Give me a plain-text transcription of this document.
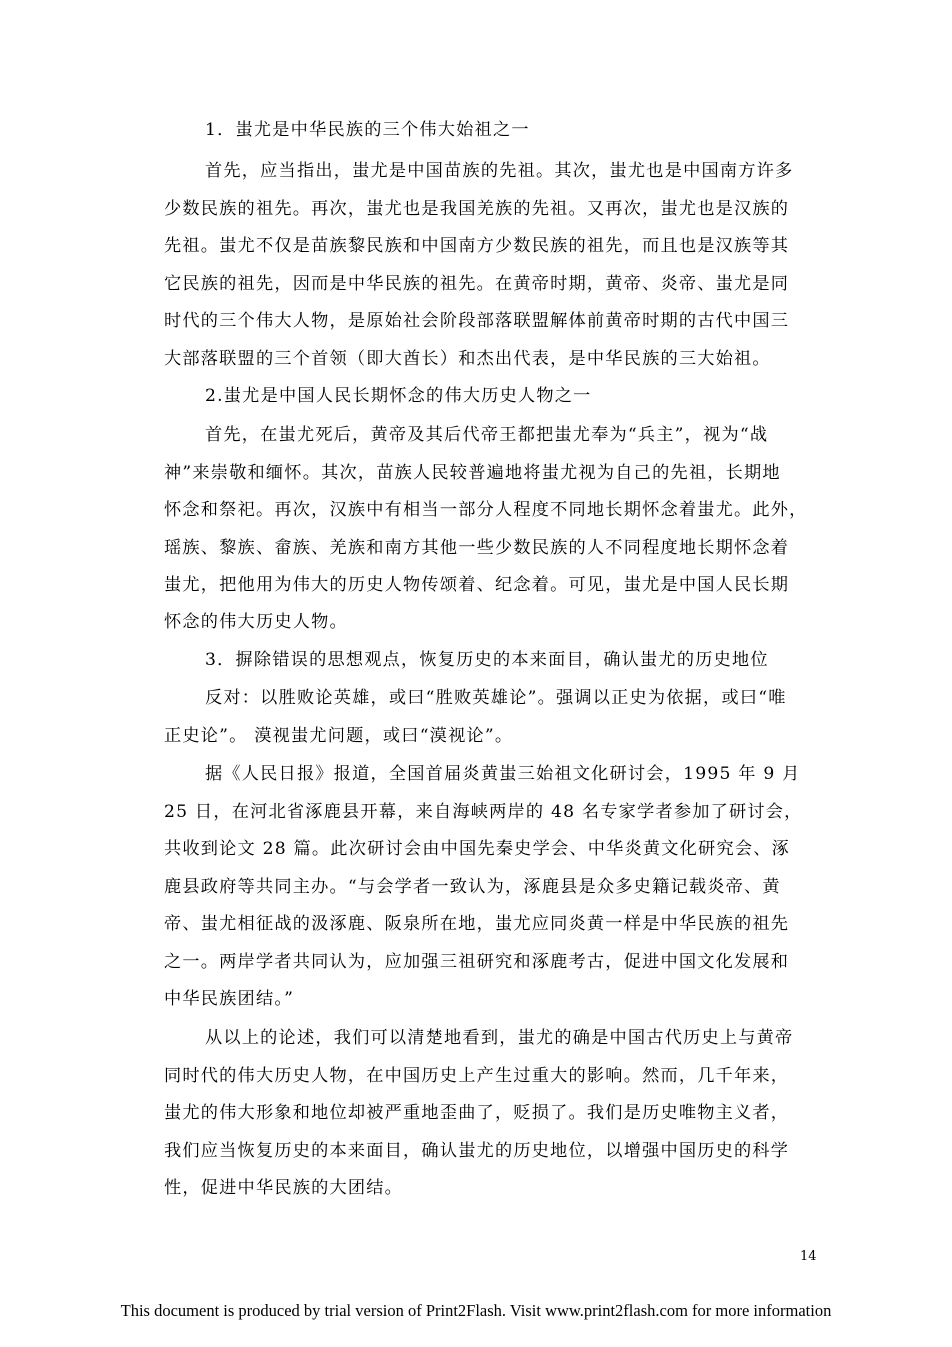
1．蚩尤是中华民族的三个伟大始祖之一
首先，应当指出，蚩尤是中国苗族的先祖。其次，蚩尤也是中国南方许多
少数民族的祖先。再次，蚩尤也是我国羌族的先祖。又再次，蚩尤也是汉族的
先祖。蚩尤不仅是苗族黎民族和中国南方少数民族的祖先，而且也是汉族等其
它民族的祖先，因而是中华民族的祖先。在黄帝时期，黄帝、炎帝、蚩尤是同
时代的三个伟大人物，是原始社会阶段部落联盟解体前黄帝时期的古代中国三
大部落联盟的三个首领（即大酋长）和杰出代表，是中华民族的三大始祖。
2.蚩尤是中国人民长期怀念的伟大历史人物之一
首先，在蚩尤死后，黄帝及其后代帝王都把蚩尤奉为“兵主”，视为“战
神”来崇敬和缅怀。其次，苗族人民较普遍地将蚩尤视为自己的先祖，长期地
怀念和祭祀。再次，汉族中有相当一部分人程度不同地长期怀念着蚩尤。此外，
瑶族、黎族、畲族、羌族和南方其他一些少数民族的人不同程度地长期怀念着
蚩尤，把他用为伟大的历史人物传颂着、纪念着。可见，蚩尤是中国人民长期
怀念的伟大历史人物。
3．摒除错误的思想观点，恢复历史的本来面目，确认蚩尤的历史地位
反对：以胜败论英雄，或曰“胜败英雄论”。强调以正史为依据，或曰“唯
正史论”。 漠视蚩尤问题，或曰“漠视论”。
据《人民日报》报道，全国首届炎黄蚩三始祖文化研讨会，1995 年 9 月
25 日，在河北省涿鹿县开幕，来自海峡两岸的 48 名专家学者参加了研讨会，
共收到论文 28 篇。此次研讨会由中国先秦史学会、中华炎黄文化研究会、涿
鹿县政府等共同主办。“与会学者一致认为，涿鹿县是众多史籍记载炎帝、黄
帝、蚩尤相征战的汲涿鹿、阪泉所在地，蚩尤应同炎黄一样是中华民族的祖先
之一。两岸学者共同认为，应加强三祖研究和涿鹿考古，促进中国文化发展和
中华民族团结。”
从以上的论述，我们可以清楚地看到，蚩尤的确是中国古代历史上与黄帝
同时代的伟大历史人物，在中国历史上产生过重大的影响。然而，几千年来，
蚩尤的伟大形象和地位却被严重地歪曲了，贬损了。我们是历史唯物主义者，
我们应当恢复历史的本来面目，确认蚩尤的历史地位，以增强中国历史的科学
性，促进中华民族的大团结。
14
This document is produced by trial version of Print2Flash. Visit www.print2flash.com for more information
